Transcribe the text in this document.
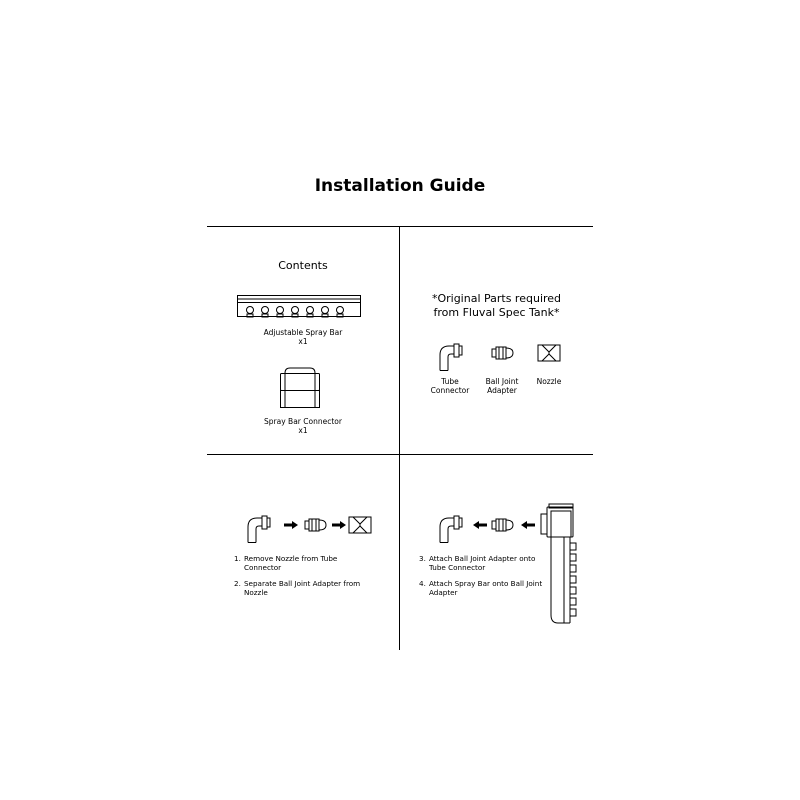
Installation Guide
Contents
Adjustable Spray Bar
x1
Spray Bar Connector
x1
*Original Parts required
from Fluval Spec Tank*
Tube
Connector
Ball Joint
Adapter
Nozzle
1. Remove Nozzle from Tube Connector
2. Separate Ball Joint Adapter from Nozzle
3. Attach Ball Joint Adapter onto Tube Connector
4. Attach Spray Bar onto Ball Joint Adapter
